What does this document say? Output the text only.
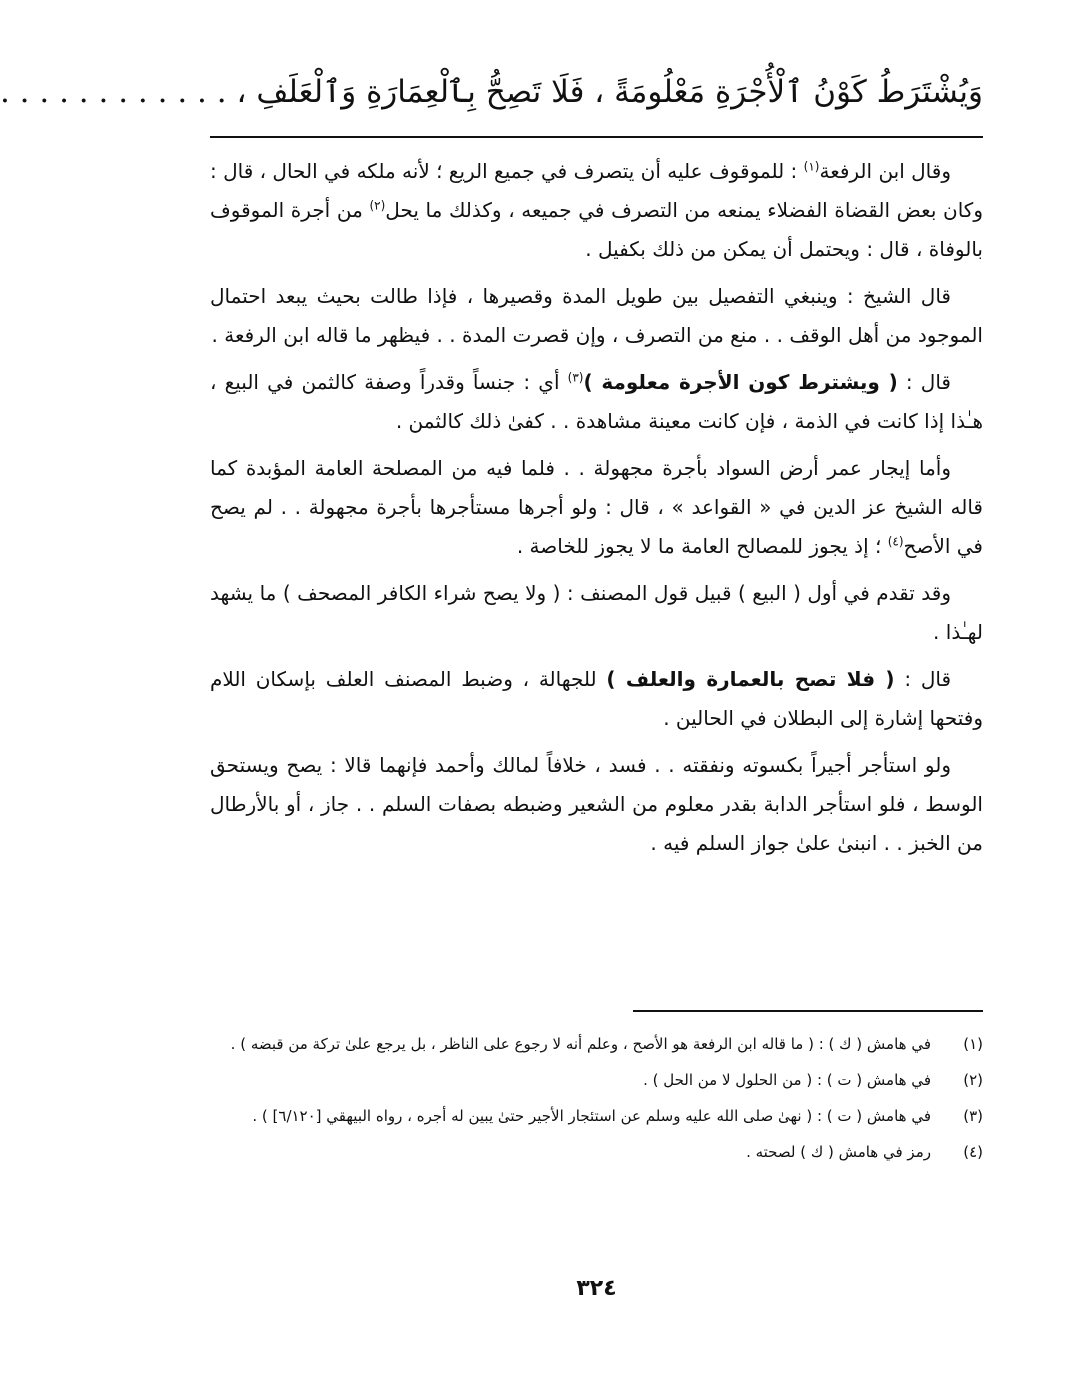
وَيُشْتَرَطُ كَوْنُ ٱلْأُجْرَةِ مَعْلُومَةً ، فَلَا تَصِحُّ بِٱلْعِمَارَةِ وَٱلْعَلَفِ ، . . . . . . . . . . . .

وقال ابن الرفعة$^{(١)}$ : للموقوف عليه أن يتصرف في جميع الريع ؛ لأنه ملكه في الحال ، قال : وكان بعض القضاة الفضلاء يمنعه من التصرف في جميعه ، وكذلك ما يحل$^{(٢)}$ من أجرة الموقوف بالوفاة ، قال : ويحتمل أن يمكن من ذلك بكفيل .

قال الشيخ : وينبغي التفصيل بين طويل المدة وقصيرها ، فإذا طالت بحيث يبعد احتمال الموجود من أهل الوقف . . منع من التصرف ، وإن قصرت المدة . . فيظهر ما قاله ابن الرفعة .

قال : ( ويشترط كون الأجرة معلومة )$^{(٣)}$ أي : جنساً وقدراً وصفة كالثمن في البيع ، هـٰذا إذا كانت في الذمة ، فإن كانت معينة مشاهدة . . كفىٰ ذلك كالثمن .

وأما إيجار عمر أرض السواد بأجرة مجهولة . . فلما فيه من المصلحة العامة المؤبدة كما قاله الشيخ عز الدين في « القواعد » ، قال : ولو أجرها مستأجرها بأجرة مجهولة . . لم يصح في الأصح$^{(٤)}$ ؛ إذ يجوز للمصالح العامة ما لا يجوز للخاصة .

وقد تقدم في أول ( البيع ) قبيل قول المصنف : ( ولا يصح شراء الكافر المصحف ) ما يشهد لهـٰذا .

قال : ( فلا تصح بالعمارة والعلف ) للجهالة ، وضبط المصنف العلف بإسكان اللام وفتحها إشارة إلى البطلان في الحالين .

ولو استأجر أجيراً بكسوته ونفقته . . فسد ، خلافاً لمالك وأحمد فإنهما قالا : يصح ويستحق الوسط ، فلو استأجر الدابة بقدر معلوم من الشعير وضبطه بصفات السلم . . جاز ، أو بالأرطال من الخبز . . انبنىٰ علىٰ جواز السلم فيه .

(١)
في هامش ( ك ) : ( ما قاله ابن الرفعة هو الأصح ، وعلم أنه لا رجوع على الناظر ، بل يرجع علىٰ تركة من قبضه ) .
(٢)
في هامش ( ت ) : ( من الحلول لا من الحل ) .
(٣)
في هامش ( ت ) : ( نهىٰ صلى الله عليه وسلم عن استئجار الأجير حتىٰ يبين له أجره ، رواه البيهقي [٦/١٢٠] ) .
(٤)
رمز في هامش ( ك ) لصحته .
٣٢٤
